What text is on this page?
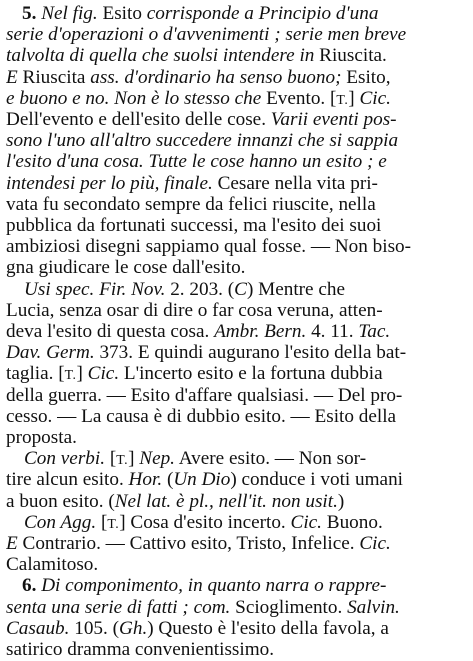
5. Nel fig. Esito corrisponde a Principio d'una
serie d'operazioni o d'avvenimenti ; serie men breve
talvolta di quella che suolsi intendere in Riuscita.
E Riuscita ass. d'ordinario ha senso buono; Esito,
e buono e no. Non è lo stesso che Evento. [T.] Cic.
Dell'evento e dell'esito delle cose. Varii eventi pos-
sono l'uno all'altro succedere innanzi che si sappia
l'esito d'una cosa. Tutte le cose hanno un esito ; e
intendesi per lo più, finale. Cesare nella vita pri-
vata fu secondato sempre da felici riuscite, nella
pubblica da fortunati successi, ma l'esito dei suoi
ambiziosi disegni sappiamo qual fosse. — Non biso-
gna giudicare le cose dall'esito.
Usi spec. Fir. Nov. 2. 203. (C) Mentre che
Lucia, senza osar di dire o far cosa veruna, atten-
deva l'esito di questa cosa. Ambr. Bern. 4. 11. Tac.
Dav. Germ. 373. E quindi augurano l'esito della bat-
taglia. [T.] Cic. L'incerto esito e la fortuna dubbia
della guerra. — Esito d'affare qualsiasi. — Del pro-
cesso. — La causa è di dubbio esito. — Esito della
proposta.
Con verbi. [T.] Nep. Avere esito. — Non sor-
tire alcun esito. Hor. (Un Dio) conduce i voti umani
a buon esito. (Nel lat. è pl., nell'it. non usit.)
Con Agg. [T.] Cosa d'esito incerto. Cic. Buono.
E Contrario. — Cattivo esito, Tristo, Infelice. Cic.
Calamitoso.
6. Di componimento, in quanto narra o rappre-
senta una serie di fatti ; com. Scioglimento. Salvin.
Casaub. 105. (Gh.) Questo è l'esito della favola, a
satirico dramma convenientissimo.
